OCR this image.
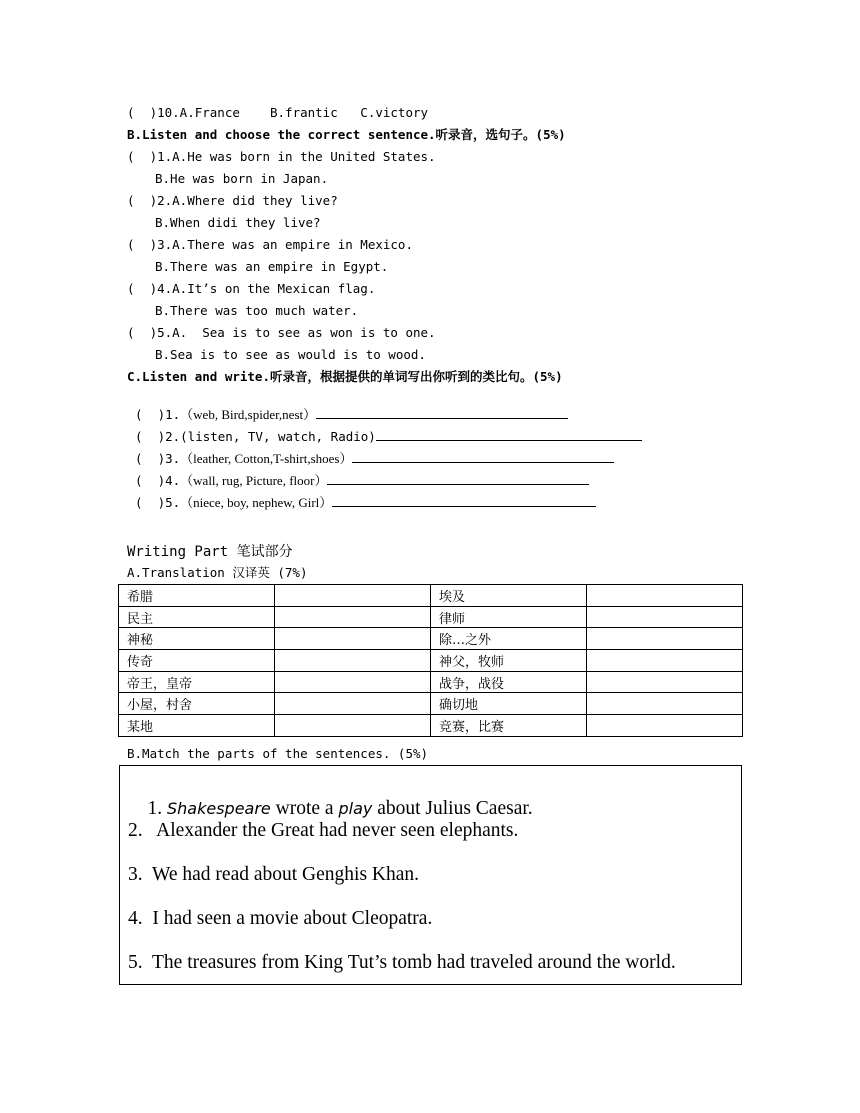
(  )10.A.France    B.frantic   C.victory
B.Listen and choose the correct sentence.听录音，选句子。(5%)
(  )1.A.He was born in the United States.
B.He was born in Japan.
(  )2.A.Where did they live?
B.When didi they live?
(  )3.A.There was an empire in Mexico.
B.There was an empire in Egypt.
(  )4.A.It’s on the Mexican flag.
B.There was too much water.
(  )5.A.  Sea is to see as won is to one.
B.Sea is to see as would is to wood.
C.Listen and write.听录音，根据提供的单词写出你听到的类比句。(5%)

(  )1.（web, Bird,spider,nest）

(  )2.(listen, TV, watch, Radio)

(  )3.（leather, Cotton,T-shirt,shoes）

(  )4.（wall, rug, Picture, floor）

(  )5.（niece, boy, nephew, Girl）

Writing Part 笔试部分
A.Translation 汉译英 (7%)
希腊		埃及	
民主		律师	
神秘		除…之外	
传奇		神父，牧师	
帝王，皇帝		战争，战役	
小屋，村舍		确切地	
某地		竞赛，比赛	
B.Match the parts of the sentences. (5%)

1. Shakespeare wrote a play about Julius Caesar.

2.   Alexander the Great had never seen elephants.
3.  We had read about Genghis Khan.
4.  I had seen a movie about Cleopatra.
5.  The treasures from King Tut’s tomb had traveled around the world.
